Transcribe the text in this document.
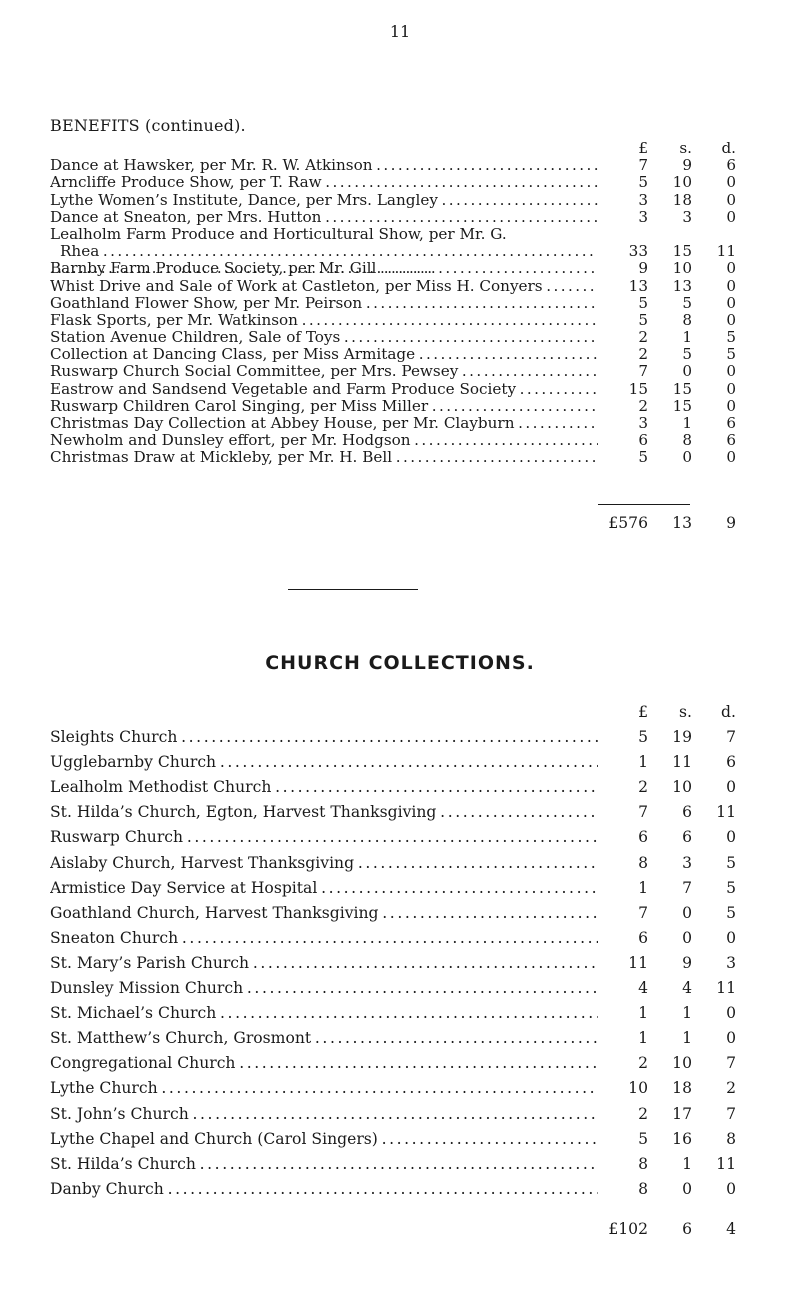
11
BENEFITS (continued).
£	s.	d.
Dance at Hawsker, per Mr. R. W. Atkinson . . .	7	9	6
Arncliffe Produce Show, per T. Raw . . .	5	10	0
Lythe Women’s Institute, Dance, per Mrs. Langley . . .	3	18	0
Dance at Sneaton, per Mrs. Hutton . . .	3	3	0
Lealholm Farm Produce and Horticultural Show, per Mr. G.
Rhea . . .	33	15	11
Barnby Farm Produce Society, per Mr. Gill . . .	9	10	0
Whist Drive and Sale of Work at Castleton, per Miss H. Conyers . . .	13	13	0
Goathland Flower Show, per Mr. Peirson . . .	5	5	0
Flask Sports, per Mr. Watkinson . . .	5	8	0
Station Avenue Children, Sale of Toys . . .	2	1	5
Collection at Dancing Class, per Miss Armitage . . .	2	5	5
Ruswarp Church Social Committee, per Mrs. Pewsey . . .	7	0	0
Eastrow and Sandsend Vegetable and Farm Produce Society . . .	15	15	0
Ruswarp Children Carol Singing, per Miss Miller . . .	2	15	0
Christmas Day Collection at Abbey House, per Mr. Clayburn . . .	3	1	6
Newholm and Dunsley effort, per Mr. Hodgson . . .	6	8	6
Christmas Draw at Mickleby, per Mr. H. Bell . . .	5	0	0
£576	13	9
CHURCH COLLECTIONS.
£	s.	d.
Sleights Church . . .	5	19	7
Ugglebarnby Church . . .	1	11	6
Lealholm Methodist Church . . .	2	10	0
St. Hilda’s Church, Egton, Harvest Thanksgiving . . .	7	6	11
Ruswarp Church . . .	6	6	0
Aislaby Church, Harvest Thanksgiving . . .	8	3	5
Armistice Day Service at Hospital . . .	1	7	5
Goathland Church, Harvest Thanksgiving . . .	7	0	5
Sneaton Church . . .	6	0	0
St. Mary’s Parish Church . . .	11	9	3
Dunsley Mission Church . . .	4	4	11
St. Michael’s Church . . .	1	1	0
St. Matthew’s Church, Grosmont . . .	1	1	0
Congregational Church . . .	2	10	7
Lythe Church . . .	10	18	2
St. John’s Church . . .	2	17	7
Lythe Chapel and Church (Carol Singers) . . .	5	16	8
St. Hilda’s Church . . .	8	1	11
Danby Church . . .	8	0	0
£102	6	4
